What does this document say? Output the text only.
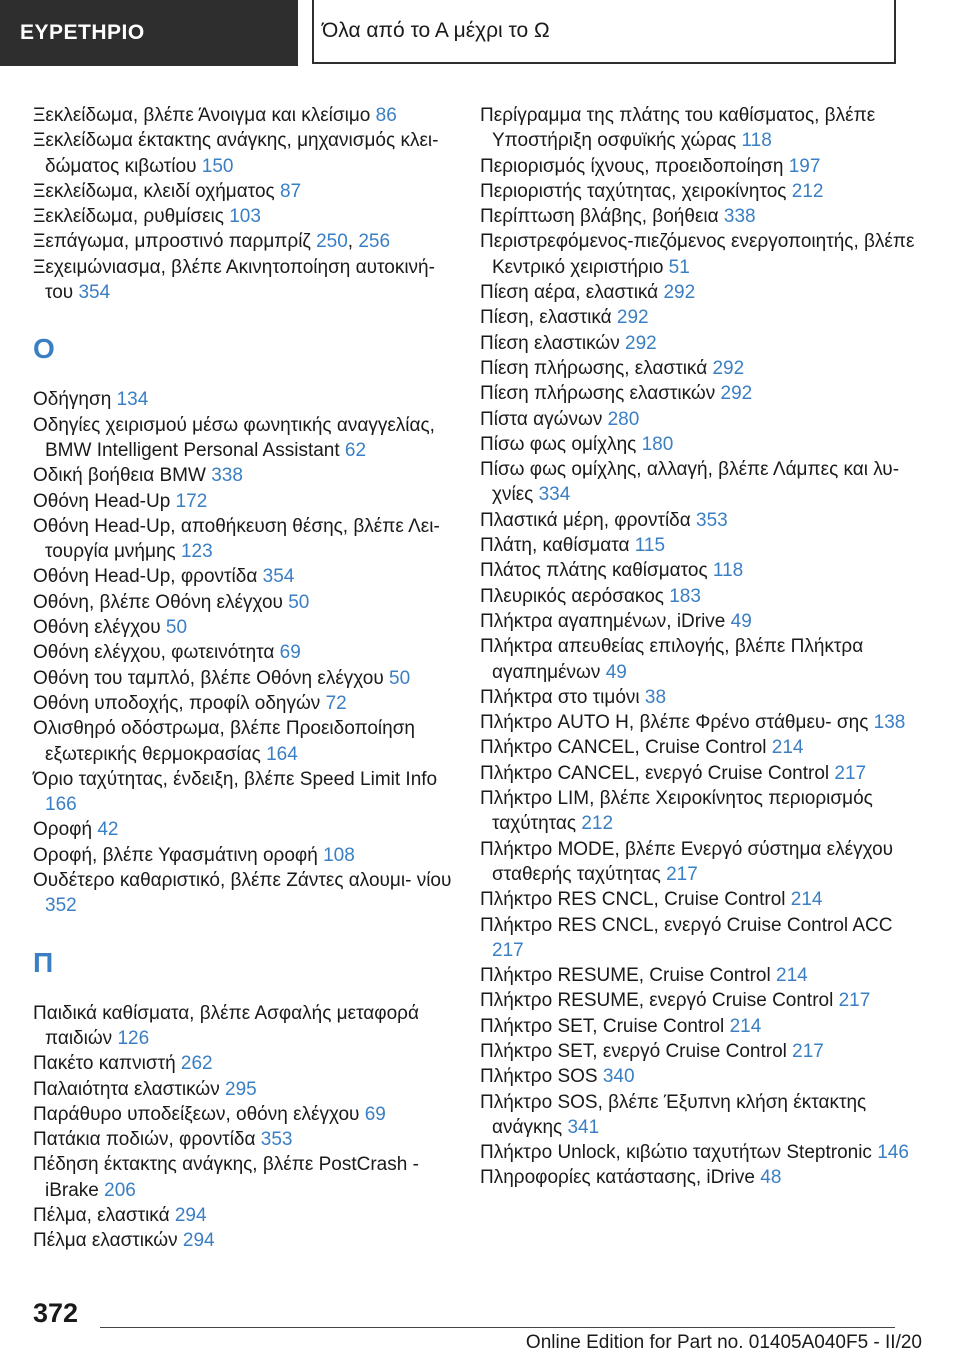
ΕΥΡΕΤΗΡΙΟ	Όλα από το Α μέχρι το Ω

Ξεκλείδωμα, βλέπε Άνοιγμα και κλείσιμο 86

Ξεκλείδωμα έκτακτης ανάγκης, μηχανισμός κλει‐ δώματος κιβωτίου 150

Ξεκλείδωμα, κλειδί οχήματος 87

Ξεκλείδωμα, ρυθμίσεις 103

Ξεπάγωμα, μπροστινό παρμπρίζ 250, 256

Ξεχειμώνιασμα, βλέπε Ακινητοποίηση αυτοκινή‐ του 354

Ο

Οδήγηση 134

Οδηγίες χειρισμού μέσω φωνητικής αναγγελίας, BMW Intelligent Personal Assistant 62

Οδική βοήθεια BMW 338

Οθόνη Head-Up 172

Οθόνη Head-Up, αποθήκευση θέσης, βλέπε Λει‐ τουργία μνήμης 123

Οθόνη Head-Up, φροντίδα 354

Οθόνη, βλέπε Οθόνη ελέγχου 50

Οθόνη ελέγχου 50

Οθόνη ελέγχου, φωτεινότητα 69

Οθόνη του ταμπλό, βλέπε Οθόνη ελέγχου 50

Οθόνη υποδοχής, προφίλ οδηγών 72

Ολισθηρό οδόστρωμα, βλέπε Προειδοποίηση εξωτερικής θερμοκρασίας 164

Όριο ταχύτητας, ένδειξη, βλέπε Speed Limit Info 166

Οροφή 42

Οροφή, βλέπε Υφασμάτινη οροφή 108

Ουδέτερο καθαριστικό, βλέπε Ζάντες αλουμι‐ νίου 352

Π

Παιδικά καθίσματα, βλέπε Ασφαλής μεταφορά παιδιών 126

Πακέτο καπνιστή 262

Παλαιότητα ελαστικών 295

Παράθυρο υποδείξεων, οθόνη ελέγχου 69

Πατάκια ποδιών, φροντίδα 353

Πέδηση έκτακτης ανάγκης, βλέπε PostCrash - iBrake 206

Πέλμα, ελαστικά 294

Πέλμα ελαστικών 294

Περίγραμμα της πλάτης του καθίσματος, βλέπε Υποστήριξη οσφυϊκής χώρας 118

Περιορισμός ίχνους, προειδοποίηση 197

Περιοριστής ταχύτητας, χειροκίνητος 212

Περίπτωση βλάβης, βοήθεια 338

Περιστρεφόμενος-πιεζόμενος ενεργοποιητής, βλέπε Κεντρικό χειριστήριο 51

Πίεση αέρα, ελαστικά 292

Πίεση, ελαστικά 292

Πίεση ελαστικών 292

Πίεση πλήρωσης, ελαστικά 292

Πίεση πλήρωσης ελαστικών 292

Πίστα αγώνων 280

Πίσω φως ομίχλης 180

Πίσω φως ομίχλης, αλλαγή, βλέπε Λάμπες και λυ‐ χνίες 334

Πλαστικά μέρη, φροντίδα 353

Πλάτη, καθίσματα 115

Πλάτος πλάτης καθίσματος 118

Πλευρικός αερόσακος 183

Πλήκτρα αγαπημένων, iDrive 49

Πλήκτρα απευθείας επιλογής, βλέπε Πλήκτρα αγαπημένων 49

Πλήκτρα στο τιμόνι 38

Πλήκτρο AUTO H, βλέπε Φρένο στάθμευ‐ σης 138

Πλήκτρο CANCEL, Cruise Control 214

Πλήκτρο CANCEL, ενεργό Cruise Control 217

Πλήκτρο LIM, βλέπε Χειροκίνητος περιορισμός ταχύτητας 212

Πλήκτρο MODE, βλέπε Ενεργό σύστημα ελέγχου σταθερής ταχύτητας 217

Πλήκτρο RES CNCL, Cruise Control 214

Πλήκτρο RES CNCL, ενεργό Cruise Control ACC 217

Πλήκτρο RESUME, Cruise Control 214

Πλήκτρο RESUME, ενεργό Cruise Control 217

Πλήκτρο SET, Cruise Control 214

Πλήκτρο SET, ενεργό Cruise Control 217

Πλήκτρο SOS 340

Πλήκτρο SOS, βλέπε Έξυπνη κλήση έκτακτης ανάγκης 341

Πλήκτρο Unlock, κιβώτιο ταχυτήτων Steptronic 146

Πληροφορίες κατάστασης, iDrive 48

372
Online Edition for Part no. 01405A040F5 - II/20
